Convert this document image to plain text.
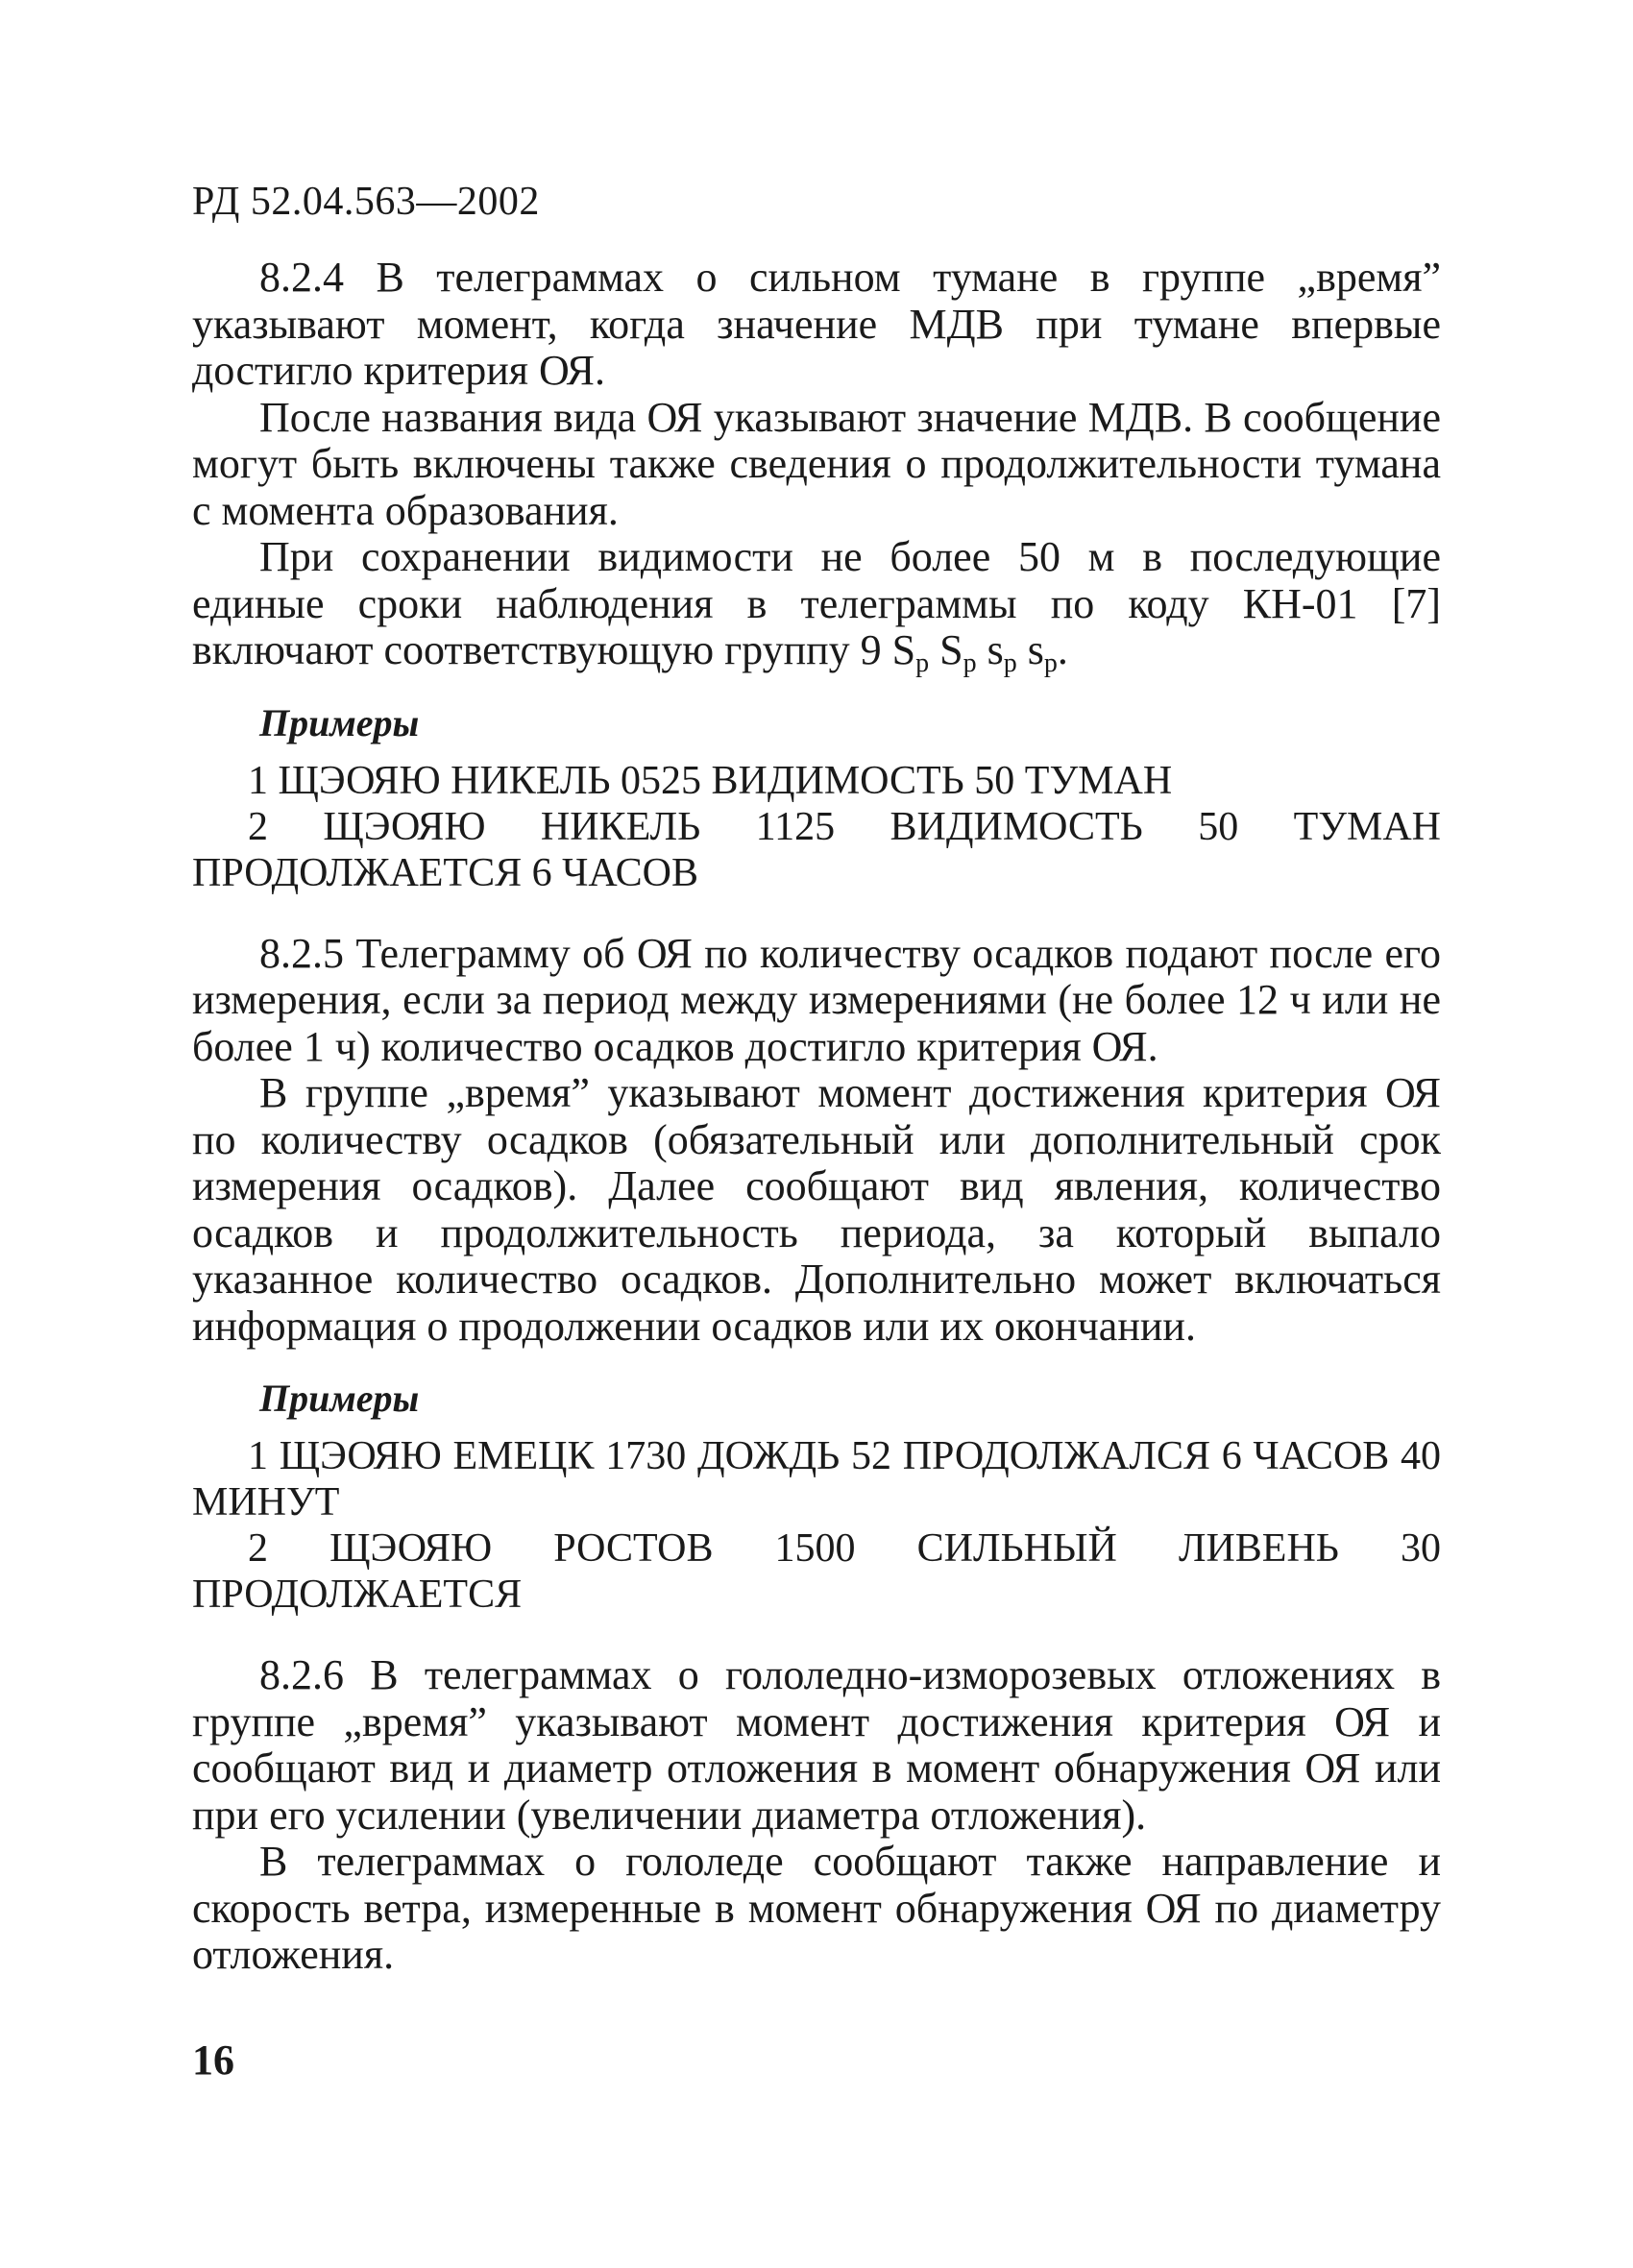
РД 52.04.563—2002

8.2.4 В телеграммах о сильном тумане в группе „время” указывают момент, когда значение МДВ при тумане впервые достигло критерия ОЯ.

После названия вида ОЯ указывают значение МДВ. В сообщение могут быть включены также сведения о продолжительности тумана с момента образования.

При сохранении видимости не более 50 м в последующие единые сроки наблюдения в телеграммы по коду КН-01 [7] включают соответствующую группу 9 $S_p$ $S_p$ $s_p$ $s_p$.

Примеры

1 ЩЭОЯЮ НИКЕЛЬ 0525 ВИДИМОСТЬ 50 ТУМАН

2 ЩЭОЯЮ НИКЕЛЬ 1125 ВИДИМОСТЬ 50 ТУМАН ПРОДОЛЖАЕТСЯ 6 ЧАСОВ

8.2.5 Телеграмму об ОЯ по количеству осадков подают после его измерения, если за период между измерениями (не более 12 ч или не более 1 ч) количество осадков достигло критерия ОЯ.

В группе „время” указывают момент достижения критерия ОЯ по количеству осадков (обязательный или дополнительный срок измерения осадков). Далее сообщают вид явления, количество осадков и продолжительность периода, за который выпало указанное количество осадков. Дополнительно может включаться информация о продолжении осадков или их окончании.

Примеры

1 ЩЭОЯЮ ЕМЕЦК 1730 ДОЖДЬ 52 ПРОДОЛЖАЛСЯ 6 ЧАСОВ 40 МИНУТ

2 ЩЭОЯЮ РОСТОВ 1500 СИЛЬНЫЙ ЛИВЕНЬ 30 ПРОДОЛЖАЕТСЯ

8.2.6 В телеграммах о гололедно-изморозевых отложениях в группе „время” указывают момент достижения критерия ОЯ и сообщают вид и диаметр отложения в момент обнаружения ОЯ или при его усилении (увеличении диаметра отложения).

В телеграммах о гололеде сообщают также направление и скорость ветра, измеренные в момент обнаружения ОЯ по диаметру отложения.

16
